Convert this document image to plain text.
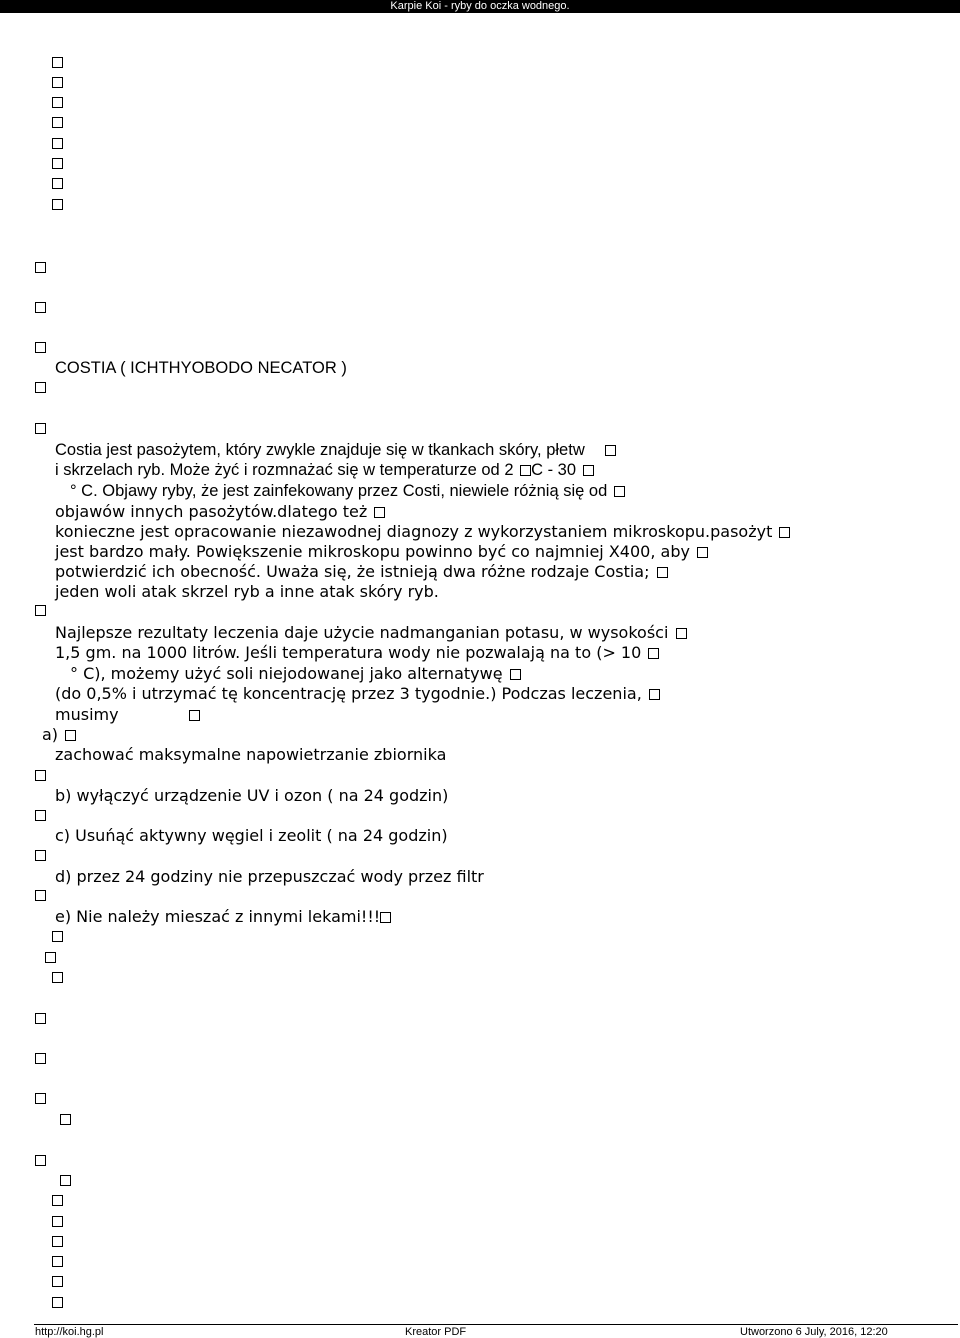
Karpie Koi - ryby do oczka wodnego.
COSTIA ( ICHTHYOBODO NECATOR )
Costia jest pasożytem, który zwykle znajduje się w tkankach skóry, płetw
i skrzelach ryb. Może żyć i rozmnażać się w temperaturze od 2 C - 30
° C. Objawy ryby, że jest zainfekowany przez Costi, niewiele różnią się od
objawów innych pasożytów.dlatego też
konieczne jest opracowanie niezawodnej diagnozy z wykorzystaniem mikroskopu.pasożyt
jest bardzo mały. Powiększenie mikroskopu powinno być co najmniej X400, aby
potwierdzić ich obecność. Uważa się, że istnieją dwa różne rodzaje Costia;
jeden woli atak skrzel ryb a inne atak skóry ryb.
Najlepsze rezultaty leczenia daje użycie nadmanganian potasu, w wysokości
1,5 gm. na 1000 litrów. Jeśli temperatura wody nie pozwalają na to (> 10
° C), możemy użyć soli niejodowanej jako alternatywę
(do 0,5% i utrzymać tę koncentrację przez 3 tygodnie.) Podczas leczenia,
musimy
a)
zachować maksymalne napowietrzanie zbiornika
b) wyłączyć urządzenie UV i ozon ( na 24 godzin)
c) Usuńąć aktywny węgiel i zeolit ( na 24 godzin)
d) przez 24 godziny nie przepuszczać wody przez filtr
e) Nie należy mieszać z innymi lekami!!!
http://koi.hg.pl	Kreator PDF	Utworzono 6 July, 2016, 12:20
